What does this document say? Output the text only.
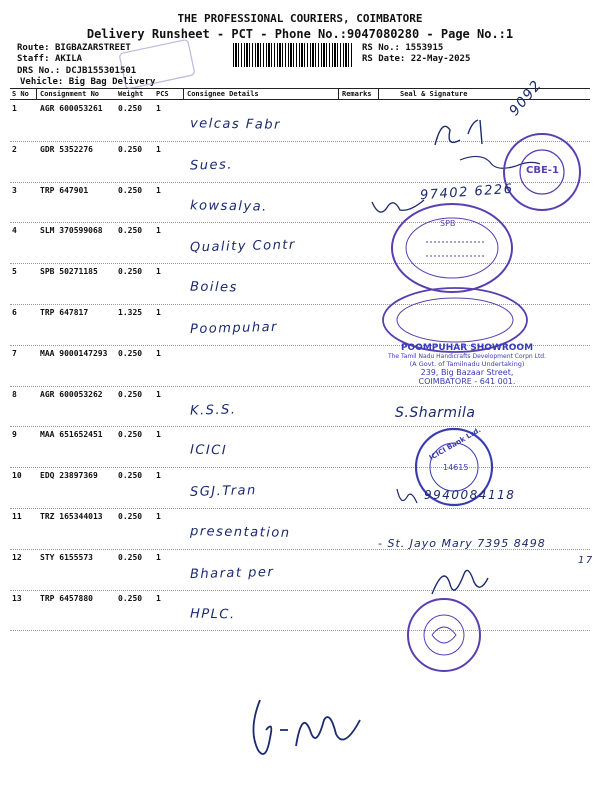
THE PROFESSIONAL COURIERS, COIMBATORE
Delivery Runsheet - PCT - Phone No.:9047080280 - Page No.:1
Route: BIGBAZARSTREET
Staff: AKILA
DRS No.: DCJB155301501
Vehicle: Big Bag Delivery
RS No.: 1553915
RS Date: 22-May-2025
S No Consignment No	Weight PCS	Consignee Details	Remarks	Seal & Signature
1	AGR 600053261 0.250 1
velcas Fabr
2	GDR 5352276	0.250 1
Sues.
3	TRP 647901	0.250 1
kowsalya.
4	SLM 370599068 0.250 1
Quality Contr
5	SPB 50271185	0.250 1
Boiles
6	TRP 647817	1.325 1
Poompuhar
7	MAA 9000147293 0.250 1
8	AGR 600053262 0.250 1
K.S.S.
9	MAA 651652451 0.250 1
ICICI
10 EDQ 23897369	0.250 1
SGJ.Tran
11 TRZ 165344013 0.250 1
presentation
12 STY 6155573	0.250 1
Bharat per
13 TRP 6457880	0.250 1
HPLC.
9092
CBE-1
97402 6226
SPB
POOMPUHAR SHOWROOM
The Tamil Nadu Handicrafts Development Corpn Ltd.
(A Govt. of Tamilnadu Undertaking)
239, Big Bazaar Street,
COIMBATORE - 641 001.
S.Sharmila
ICICI Bank Ltd.
14615
9940084118
- St. Jayo Mary 7395 8498
17
